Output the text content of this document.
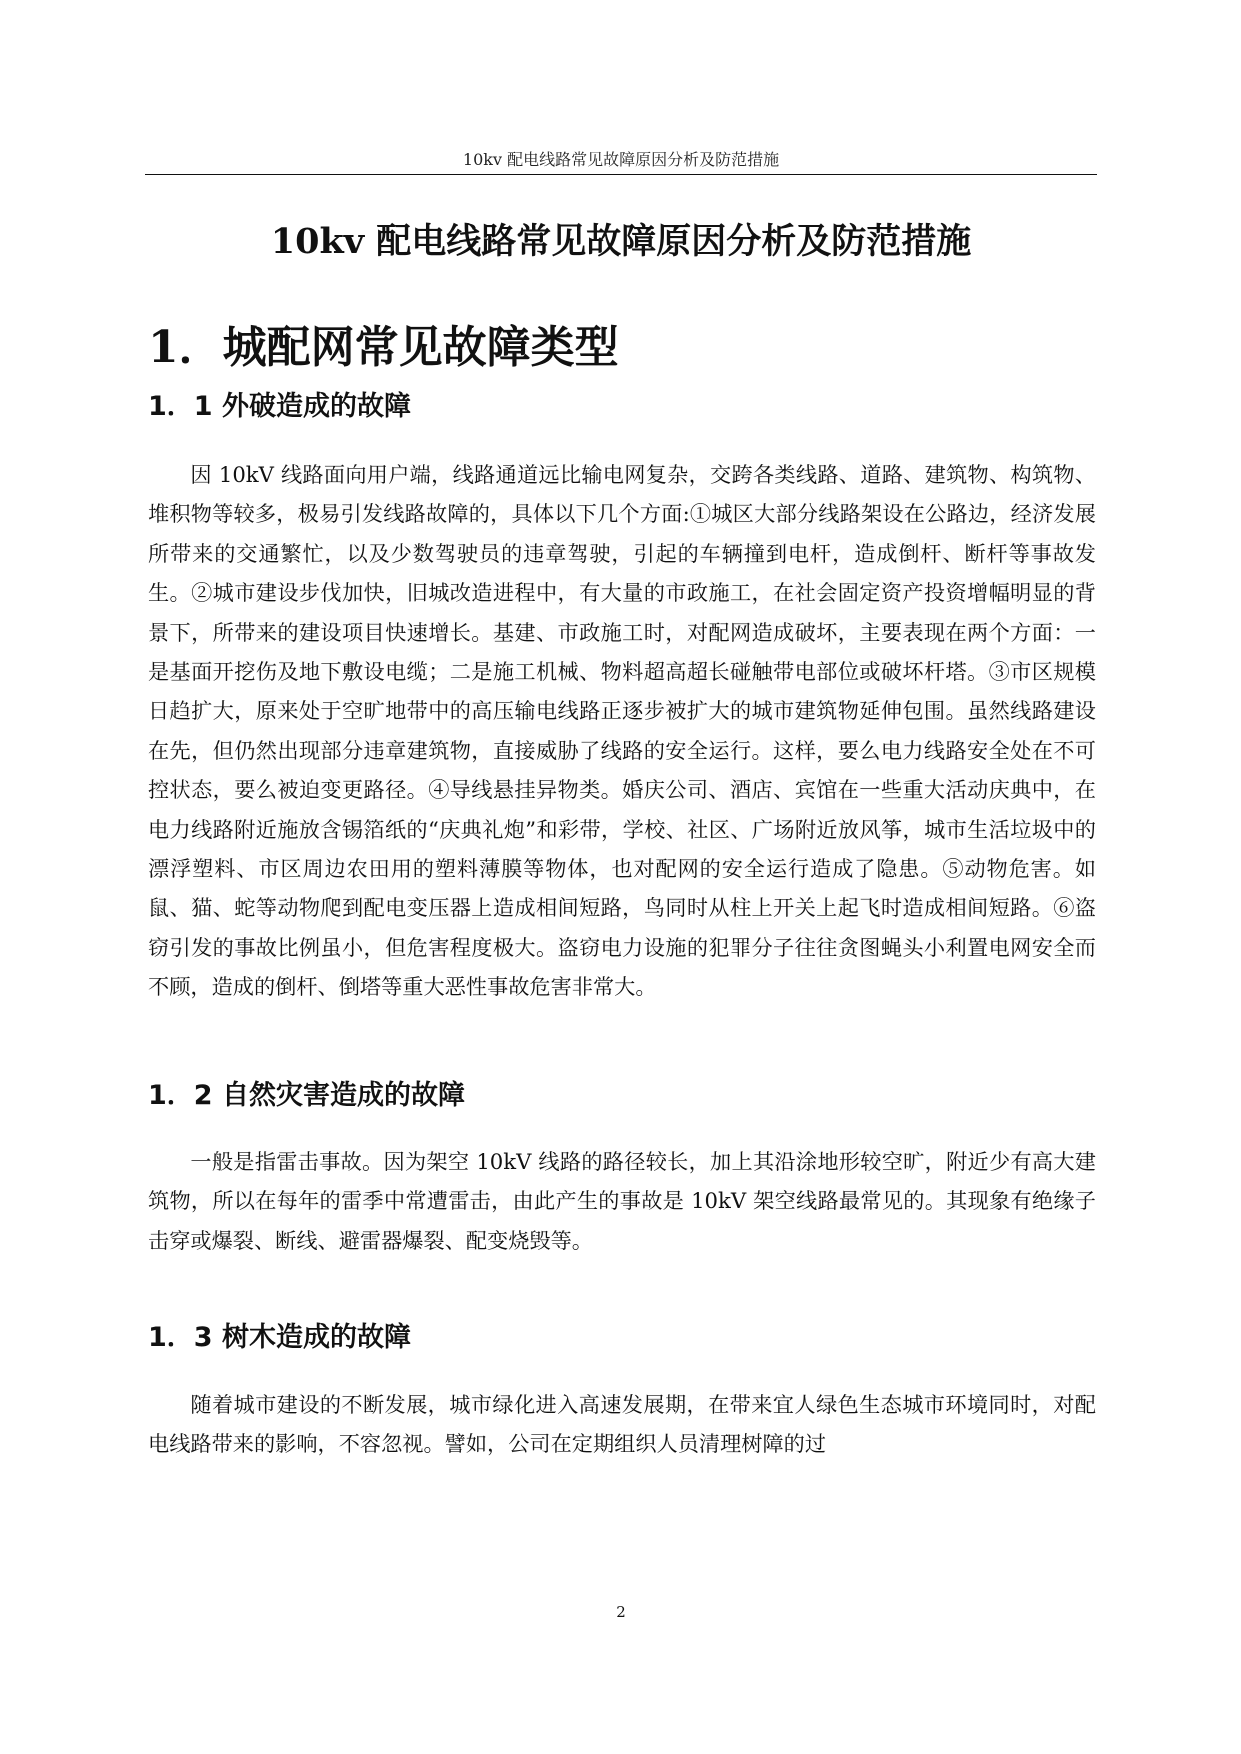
10kv 配电线路常见故障原因分析及防范措施
10kv 配电线路常见故障原因分析及防范措施
1．城配网常见故障类型
1．1 外破造成的故障

因 10kV 线路面向用户端，线路通道远比输电网复杂，交跨各类线路、道路、建筑物、构筑物、堆积物等较多，极易引发线路故障的，具体以下几个方面:①城区大部分线路架设在公路边，经济发展所带来的交通繁忙，以及少数驾驶员的违章驾驶，引起的车辆撞到电杆，造成倒杆、断杆等事故发生。②城市建设步伐加快，旧城改造进程中，有大量的市政施工，在社会固定资产投资增幅明显的背景下，所带来的建设项目快速增长。基建、市政施工时，对配网造成破坏，主要表现在两个方面：一是基面开挖伤及地下敷设电缆；二是施工机械、物料超高超长碰触带电部位或破坏杆塔。③市区规模日趋扩大，原来处于空旷地带中的高压输电线路正逐步被扩大的城市建筑物延伸包围。虽然线路建设在先，但仍然出现部分违章建筑物，直接威胁了线路的安全运行。这样，要么电力线路安全处在不可控状态，要么被迫变更路径。④导线悬挂异物类。婚庆公司、酒店、宾馆在一些重大活动庆典中，在电力线路附近施放含锡箔纸的“庆典礼炮”和彩带，学校、社区、广场附近放风筝，城市生活垃圾中的漂浮塑料、市区周边农田用的塑料薄膜等物体，也对配网的安全运行造成了隐患。⑤动物危害。如鼠、猫、蛇等动物爬到配电变压器上造成相间短路，鸟同时从柱上开关上起飞时造成相间短路。⑥盗窃引发的事故比例虽小，但危害程度极大。盗窃电力设施的犯罪分子往往贪图蝇头小利置电网安全而不顾，造成的倒杆、倒塔等重大恶性事故危害非常大。

1．2 自然灾害造成的故障

一般是指雷击事故。因为架空 10kV 线路的路径较长，加上其沿涂地形较空旷，附近少有高大建筑物，所以在每年的雷季中常遭雷击，由此产生的事故是 10kV 架空线路最常见的。其现象有绝缘子击穿或爆裂、断线、避雷器爆裂、配变烧毁等。

1．3 树木造成的故障

随着城市建设的不断发展，城市绿化进入高速发展期，在带来宜人绿色生态城市环境同时，对配电线路带来的影响，不容忽视。譬如，公司在定期组织人员清理树障的过

2
